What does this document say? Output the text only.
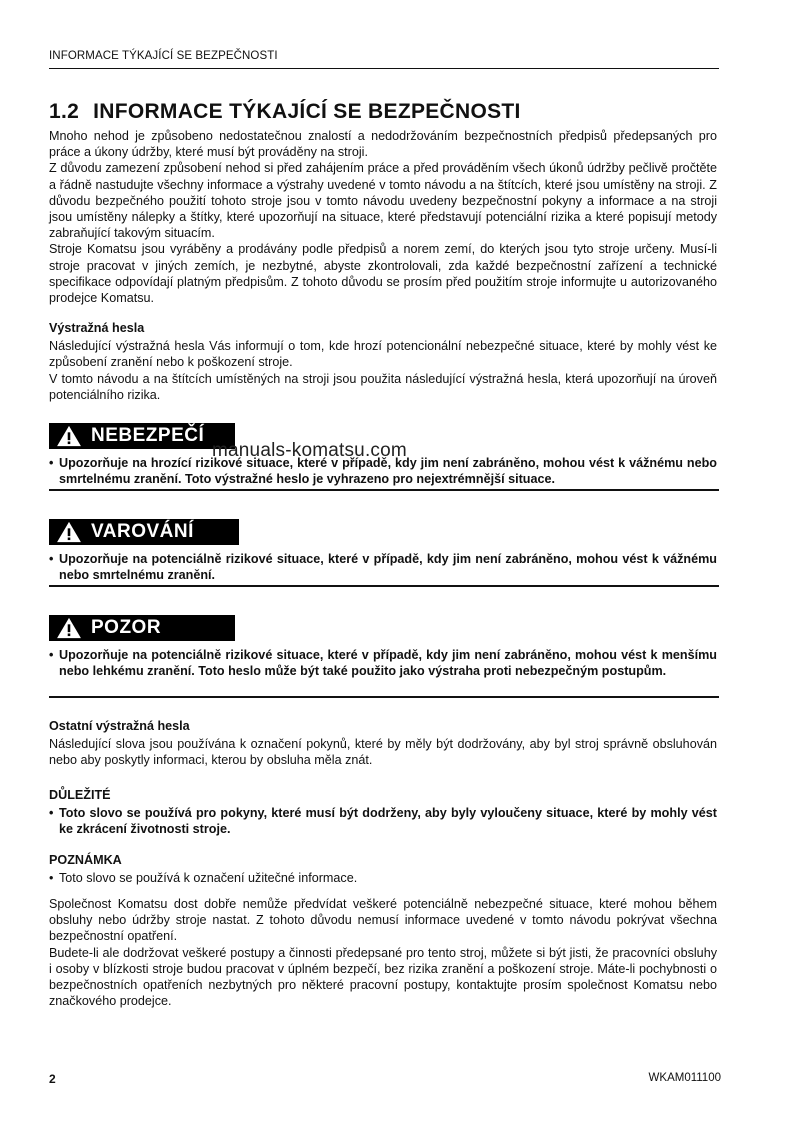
INFORMACE TÝKAJÍCÍ SE BEZPEČNOSTI
1.2 INFORMACE TÝKAJÍCÍ SE BEZPEČNOSTI

Mnoho nehod je způsobeno nedostatečnou znalostí a nedodržováním bezpečnostních předpisů předepsaných pro práce a úkony údržby, které musí být prováděny na stroji.

Z důvodu zamezení způsobení nehod si před zahájením práce a před prováděním všech úkonů údržby pečlivě pročtěte a řádně nastudujte všechny informace a výstrahy uvedené v tomto návodu a na štítcích, které jsou umístěny na stroji. Z důvodu bezpečného použití tohoto stroje jsou v tomto návodu uvedeny bezpečnostní pokyny a informace a na stroji jsou umístěny nálepky a štítky, které upozorňují na situace, které představují potenciální rizika a které popisují metody zabraňující takovým situacím.

Stroje Komatsu jsou vyráběny a prodávány podle předpisů a norem zemí, do kterých jsou tyto stroje určeny. Musí-li stroje pracovat v jiných zemích, je nezbytné, abyste zkontrolovali, zda každé bezpečnostní zařízení a technické specifikace odpovídají platným předpisům. Z tohoto důvodu se prosím před použitím stroje informujte u autorizovaného prodejce Komatsu.

Výstražná hesla

Následující výstražná hesla Vás informují o tom, kde hrozí potencionální nebezpečné situace, které by mohly vést ke způsobení zranění nebo k poškození stroje.

V tomto návodu a na štítcích umístěných na stroji jsou použita následující výstražná hesla, která upozorňují na úroveň potenciálního rizika.

NEBEZPEČÍ
• Upozorňuje na hrozící rizikové situace, které v případě, kdy jim není zabráněno, mohou vést k vážnému nebo smrtelnému zranění. Toto výstražné heslo je vyhrazeno pro nejextrémnější situace.
VAROVÁNÍ
• Upozorňuje na potenciálně rizikové situace, které v případě, kdy jim není zabráněno, mohou vést k vážnému nebo smrtelnému zranění.
POZOR
• Upozorňuje na potenciálně rizikové situace, které v případě, kdy jim není zabráněno, mohou vést k menšímu nebo lehkému zranění. Toto heslo může být také použito jako výstraha proti nebezpečným postupům.
Ostatní výstražná hesla

Následující slova jsou používána k označení pokynů, které by měly být dodržovány, aby byl stroj správně obsluhován nebo aby poskytly informaci, kterou by obsluha měla znát.

DŮLEŽITÉ
• Toto slovo se používá pro pokyny, které musí být dodrženy, aby byly vyloučeny situace, které by mohly vést ke zkrácení životnosti stroje.
POZNÁMKA
• Toto slovo se používá k označení užitečné informace.

Společnost Komatsu dost dobře nemůže předvídat veškeré potenciálně nebezpečné situace, které mohou během obsluhy nebo údržby stroje nastat. Z tohoto důvodu nemusí informace uvedené v tomto návodu pokrývat všechna bezpečnostní opatření.

Budete-li ale dodržovat veškeré postupy a činnosti předepsané pro tento stroj, můžete si být jisti, že pracovníci obsluhy i osoby v blízkosti stroje budou pracovat v úplném bezpečí, bez rizika zranění a poškození stroje. Máte-li pochybnosti o bezpečnostních opatřeních nezbytných pro některé pracovní postupy, kontaktujte prosím společnost Komatsu nebo značkového prodejce.

2	WKAM011100
manuals-komatsu.com
